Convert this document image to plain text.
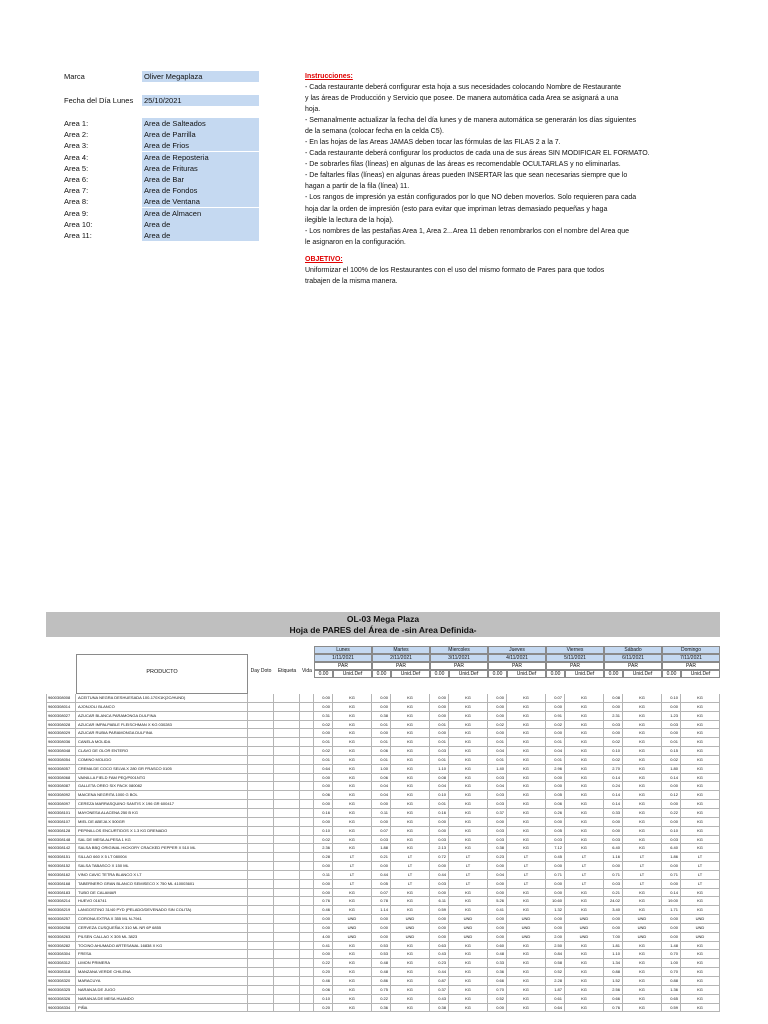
Marca	Oliver Megaplaza
Fecha del Día Lunes	25/10/2021
Area 1:	Area de Salteados
Area 2:	Area de Parrilla
Area 3:	Area de Frios
Area 4:	Area de Reposteria
Area 5:	Area de Frituras
Area 6:	Area de Bar
Area 7:	Area de Fondos
Area 8:	Area de Ventana
Area 9:	Area de Almacen
Area 10:	Area de
Area 11:	Area de
Instrucciones:
- Cada restaurante deberá configurar esta hoja a sus necesidades colocando Nombre de Restaurante
y las áreas de Producción y Servicio que posee. De manera automática cada Area se asignará a una
hoja.
- Semanalmente actualizar la fecha del día lunes y de manera automática se generarán los días siguientes
de la semana (colocar fecha en la celda C5).
- En las hojas de las Areas JAMAS deben tocar las fórmulas de las FILAS 2 a la 7.
- Cada restaurante deberá configurar los productos de cada una de sus áreas SIN MODIFICAR EL FORMATO.
- De sobrarles filas (líneas) en algunas de las áreas es recomendable OCULTARLAS y no eliminarlas.
- De faltarles filas (líneas) en algunas áreas pueden INSERTAR las que sean necesarias siempre que lo
hagan a partir de la fila (línea) 11.
- Los rangos de impresión ya están configurados por lo que NO deben moverlos. Solo requieren para cada
hoja dar la orden de impresión (esto para evitar que impriman letras demasiado pequeñas y haga
ilegible la lectura de la hoja).
- Los nombres de las pestañas Area 1, Area 2...Area 11 deben renombrarlos con el nombre del Area que
le asignaron en la configuración.
OBJETIVO:
Uniformizar el 100% de los Restaurantes con el uso del mismo formato de Pares para que todos
trabajen de la misma manera.
OL-03 Mega Plaza
Hoja de PARES del Área de -sin Area Definida-
PRODUCTO	Day Doto	Etiqueta	Vida
Lunes
1/11/2021
PAR
0.00	Unid.Def
Martes
2/11/2021
PAR
0.00	Unid.Def
Miercoles
3/11/2021
PAR
0.00	Unid.Def
Jueves
4/11/2021
PAR
0.00	Unid.Def
Viernes
5/11/2021
PAR
0.00	Unid.Def
Sábado
6/11/2021
PAR
0.00	Unid.Def
Domingo
7/11/2021
PAR
0.00	Unid.Def
9600308008	ACEITUNA NEGRA DESHUESADA 100-170X1K(2C/HUND)	0.00	KG	0.00	KG	0.00	KG	0.00	KG	0.07	KG	0.08	KG	0.10	KG
9600308014	AJONJOLI BLANCO	0.00	KG	0.00	KG	0.00	KG	0.00	KG	0.00	KG	0.00	KG	0.00	KG
9600308027	AZUCAR BLANCA PARAMONGA DULFINA	0.31	KG	0.38	KG	0.00	KG	0.00	KG	0.91	KG	2.31	KG	1.23	KG
9600308028	AZUCAR IMPALPABLE FLEISCHMAN X KG 030283	0.02	KG	0.01	KG	0.01	KG	0.02	KG	0.02	KG	0.03	KG	0.03	KG
9600308029	AZUCAR RUBIA PARAMONGA DULFINA	0.00	KG	0.00	KG	0.00	KG	0.00	KG	0.00	KG	0.00	KG	0.00	KG
9600308036	CANELA MOLIDA	0.01	KG	0.01	KG	0.01	KG	0.01	KG	0.01	KG	0.02	KG	0.01	KG
9600308048	CLAVO DE OLOR ENTERO	0.02	KG	0.06	KG	0.03	KG	0.04	KG	0.04	KG	0.10	KG	0.15	KG
9600308054	COMINO MOLIDO	0.01	KG	0.01	KG	0.01	KG	0.01	KG	0.01	KG	0.02	KG	0.02	KG
9600308057	CREMA DE COCO SELVA X 280 GR FRASCO 0105	0.64	KG	1.00	KG	1.10	KG	1.40	KG	2.96	KG	2.70	KG	1.80	KG
9600308068	VAINILLA FIELD FAM PEQ/P001NTG	0.00	KG	0.06	KG	0.08	KG	0.03	KG	0.00	KG	0.14	KG	0.14	KG
9600308087	GALLETA OREO SIX PACK 080082	0.00	KG	0.04	KG	0.04	KG	0.04	KG	0.00	KG	0.24	KG	0.00	KG
9600308092	MAICENA NEGRITA 1000 G BOL	0.06	KG	0.04	KG	0.10	KG	0.03	KG	0.05	KG	0.14	KG	0.12	KG
9600308097	CEREZA MARRASQUINO SANTIS X 196 GR 600417	0.00	KG	0.00	KG	0.01	KG	0.03	KG	0.06	KG	0.14	KG	0.00	KG
9600308101	MAYONESA ALACENA 250 B KG	0.16	KG	0.11	KG	0.16	KG	0.37	KG	0.26	KG	0.33	KG	0.22	KG
9600308107	MIEL DE ABEJA X 500GR	0.00	KG	0.00	KG	0.00	KG	0.00	KG	0.00	KG	0.00	KG	0.00	KG
9600308128	PEPINILLOS ENCURTIDOS X 1.3 KG DRENADO	0.10	KG	0.07	KG	0.00	KG	0.03	KG	0.05	KG	0.00	KG	0.10	KG
9600308148	SAL DE MESA ALPESA 1 KG	0.02	KG	0.03	KG	0.03	KG	0.03	KG	0.03	KG	0.03	KG	0.03	KG
9600308142	SALSA BBQ ORIGINAL HICKORY CRACKED PEPPER X 510 ML	2.36	KG	1.88	KG	2.13	KG	0.38	KG	7.12	KG	6.40	KG	6.40	KG
9600308151	SILLAO 660 X 5 LT 080004	0.28	LT	0.21	LT	0.72	LT	0.23	LT	0.45	LT	1.16	LT	1.86	LT
9600308152	SALSA TABASCO X 150 ML	0.00	LT	0.00	LT	0.00	LT	0.00	LT	0.00	LT	0.00	LT	0.00	LT
9600308162	VINO CAVIC TETRA BLANCO X LT	0.11	LT	0.44	LT	0.44	LT	0.04	LT	0.71	LT	0.71	LT	0.71	LT
9600308168	TABERNERO GRAN BLANCO SEMISECO X 750 ML 410003601	0.00	LT	0.05	LT	0.03	LT	0.00	LT	0.00	LT	0.03	LT	0.00	LT
9600308183	TUBO DE CALAMAR	0.00	KG	0.07	KG	0.00	KG	0.00	KG	0.00	KG	0.21	KG	0.14	KG
9600308214	HUEVO 016741	0.76	KG	0.78	KG	6.11	KG	5.26	KG	10.60	KG	24.02	KG	19.00	KG
9600308219	LANGOSTINO 31/40 PYD (PELADO/DEVENADO SIN COLITA)	0.46	KG	1.14	KG	0.59	KG	0.41	KG	1.32	KG	3.40	KG	1.71	KG
9600308257	CORONA EXTRA X 355 ML N-7941	0.00	UND	0.00	UND	0.00	UND	0.00	UND	0.00	UND	0.00	UND	0.00	UND
9600308258	CERVEZA CUSQUEÑA X 310 ML NR 6P 6855	0.00	UND	0.00	UND	0.00	UND	0.00	UND	0.00	UND	0.00	UND	0.00	UND
9600308263	PILSEN CALLAO X 305 ML 3823	4.00	UND	0.00	UND	0.00	UND	0.00	UND	2.00	UND	7.00	UND	0.00	UND
9600308282	TOCINO AHUMADO ARTESANAL 16838 X KG	0.41	KG	0.53	KG	0.63	KG	0.60	KG	2.50	KG	1.81	KG	1.48	KG
9600308304	FRESA	0.00	KG	0.53	KG	0.43	KG	0.48	KG	0.84	KG	1.10	KG	0.70	KG
9600308312	LIMON PRIMERA	0.22	KG	0.48	KG	0.23	KG	0.33	KG	0.58	KG	1.34	KG	1.00	KG
9600308318	MANZANA VERDE CHILENA	0.20	KG	0.48	KG	0.44	KG	0.36	KG	0.52	KG	0.88	KG	0.70	KG
9600308320	MARACUYA	0.46	KG	0.86	KG	0.87	KG	0.66	KG	2.28	KG	1.52	KG	0.88	KG
9600308325	NARANJA DE JUGO	0.06	KG	0.75	KG	0.37	KG	0.70	KG	1.87	KG	2.56	KG	1.36	KG
9600308326	NARANJA DE MESA HUANDO	0.10	KG	0.22	KG	0.43	KG	0.52	KG	0.61	KG	0.66	KG	0.65	KG
9600308334	PIÑA	0.20	KG	0.36	KG	0.38	KG	0.00	KG	0.64	KG	0.76	KG	0.59	KG
